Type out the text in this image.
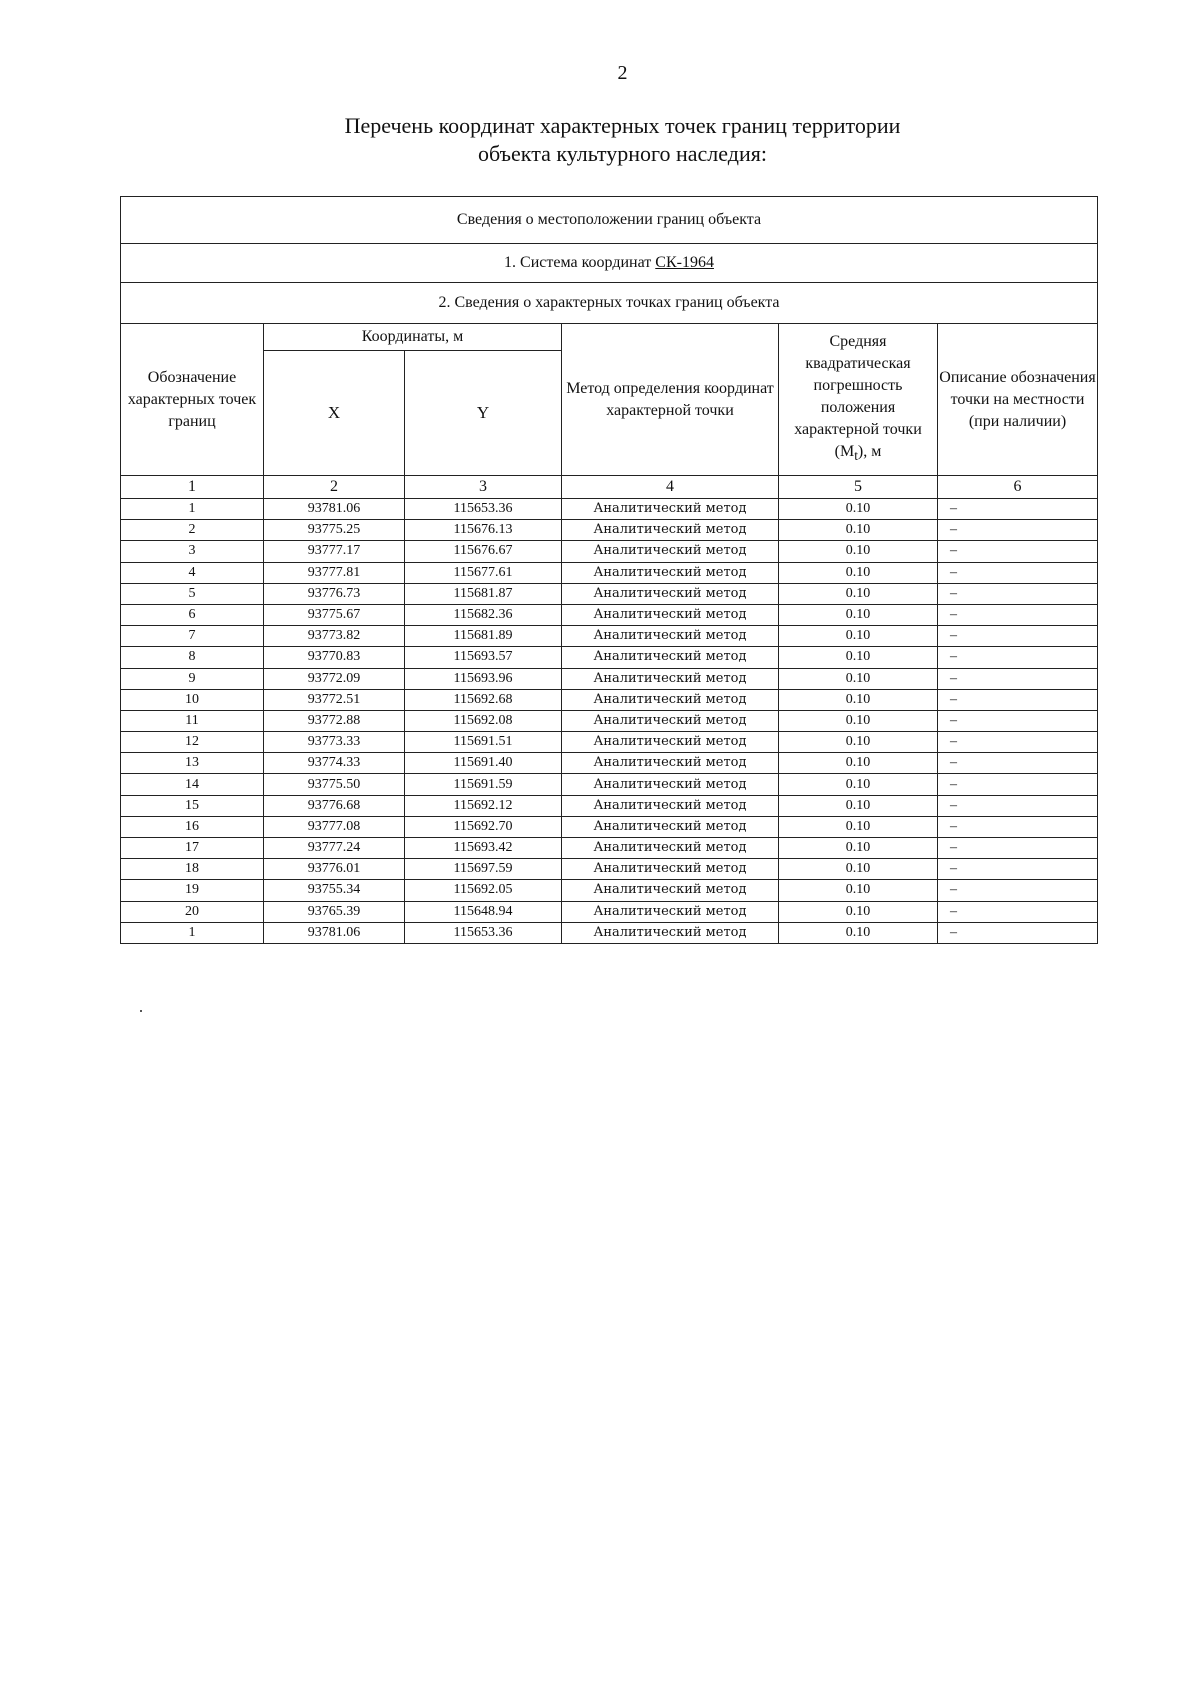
2
Перечень координат характерных точек границ территории
объекта культурного наследия:
Сведения о местоположении границ объекта					
1. Система координат СК-1964					
2. Сведения о характерных точках границ объекта					
Обозначение характерных точек границ	Координаты, м		Метод определения координат характерной точки	Средняя квадратическая погрешность положения характерной точки $(M_t)$, м	Описание обозначения точки на местности (при наличии)
	X	Y			
1	2	3	4	5	6
1	93781.06	115653.36	Аналитический метод	0.10	–
2	93775.25	115676.13	Аналитический метод	0.10	–
3	93777.17	115676.67	Аналитический метод	0.10	–
4	93777.81	115677.61	Аналитический метод	0.10	–
5	93776.73	115681.87	Аналитический метод	0.10	–
6	93775.67	115682.36	Аналитический метод	0.10	–
7	93773.82	115681.89	Аналитический метод	0.10	–
8	93770.83	115693.57	Аналитический метод	0.10	–
9	93772.09	115693.96	Аналитический метод	0.10	–
10	93772.51	115692.68	Аналитический метод	0.10	–
11	93772.88	115692.08	Аналитический метод	0.10	–
12	93773.33	115691.51	Аналитический метод	0.10	–
13	93774.33	115691.40	Аналитический метод	0.10	–
14	93775.50	115691.59	Аналитический метод	0.10	–
15	93776.68	115692.12	Аналитический метод	0.10	–
16	93777.08	115692.70	Аналитический метод	0.10	–
17	93777.24	115693.42	Аналитический метод	0.10	–
18	93776.01	115697.59	Аналитический метод	0.10	–
19	93755.34	115692.05	Аналитический метод	0.10	–
20	93765.39	115648.94	Аналитический метод	0.10	–
1	93781.06	115653.36	Аналитический метод	0.10	–
